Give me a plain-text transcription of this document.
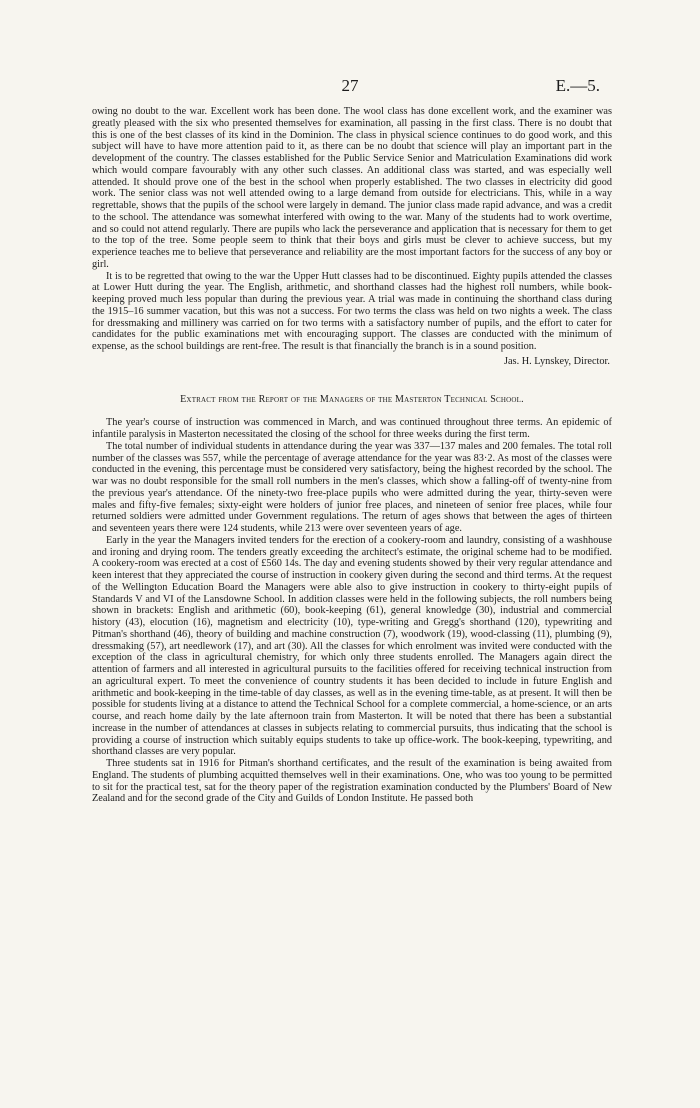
27	E.—5.

owing no doubt to the war. Excellent work has been done. The wool class has done excellent work, and the examiner was greatly pleased with the six who presented themselves for examination, all passing in the first class. There is no doubt that this is one of the best classes of its kind in the Dominion. The class in physical science continues to do good work, and this subject will have to have more attention paid to it, as there can be no doubt that science will play an important part in the development of the country. The classes established for the Public Service Senior and Matriculation Examinations did work which would compare favourably with any other such classes. An additional class was started, and was especially well attended. It should prove one of the best in the school when properly established. The two classes in electricity did good work. The senior class was not well attended owing to a large demand from outside for electricians. This, while in a way regrettable, shows that the pupils of the school were largely in demand. The junior class made rapid advance, and was a credit to the school. The attendance was somewhat interfered with owing to the war. Many of the students had to work overtime, and so could not attend regularly. There are pupils who lack the perseverance and application that is necessary for them to get to the top of the tree. Some people seem to think that their boys and girls must be clever to achieve success, but my experience teaches me to believe that perseverance and reliability are the most important factors for the success of any boy or girl.

It is to be regretted that owing to the war the Upper Hutt classes had to be discontinued. Eighty pupils attended the classes at Lower Hutt during the year. The English, arithmetic, and shorthand classes had the highest roll numbers, while book-keeping proved much less popular than during the previous year. A trial was made in continuing the shorthand class during the 1915–16 summer vacation, but this was not a success. For two terms the class was held on two nights a week. The class for dressmaking and millinery was carried on for two terms with a satisfactory number of pupils, and the effort to cater for candidates for the public examinations met with encouraging support. The classes are conducted with the minimum of expense, as the school buildings are rent-free. The result is that financially the branch is in a sound position.

Jas. H. Lynskey, Director.
Extract from the Report of the Managers of the Masterton Technical School.

The year's course of instruction was commenced in March, and was continued throughout three terms. An epidemic of infantile paralysis in Masterton necessitated the closing of the school for three weeks during the first term.

The total number of individual students in attendance during the year was 337—137 males and 200 females. The total roll number of the classes was 557, while the percentage of average attendance for the year was 83·2. As most of the classes were conducted in the evening, this percentage must be considered very satisfactory, being the highest recorded by the school. The war was no doubt responsible for the small roll numbers in the men's classes, which show a falling-off of twenty-nine from the previous year's attendance. Of the ninety-two free-place pupils who were admitted during the year, thirty-seven were males and fifty-five females; sixty-eight were holders of junior free places, and nineteen of senior free places, while four returned soldiers were admitted under Government regulations. The return of ages shows that between the ages of thirteen and seventeen years there were 124 students, while 213 were over seventeen years of age.

Early in the year the Managers invited tenders for the erection of a cookery-room and laundry, consisting of a washhouse and ironing and drying room. The tenders greatly exceeding the architect's estimate, the original scheme had to be modified. A cookery-room was erected at a cost of £560 14s. The day and evening students showed by their very regular attendance and keen interest that they appreciated the course of instruction in cookery given during the second and third terms. At the request of the Wellington Education Board the Managers were able also to give instruction in cookery to thirty-eight pupils of Standards V and VI of the Lansdowne School. In addition classes were held in the following subjects, the roll numbers being shown in brackets: English and arithmetic (60), book-keeping (61), general knowledge (30), industrial and commercial history (43), elocution (16), magnetism and electricity (10), type-writing and Gregg's shorthand (120), typewriting and Pitman's shorthand (46), theory of building and machine construction (7), woodwork (19), wood-classing (11), plumbing (9), dressmaking (57), art needlework (17), and art (30). All the classes for which enrolment was invited were conducted with the exception of the class in agricultural chemistry, for which only three students enrolled. The Managers again direct the attention of farmers and all interested in agricultural pursuits to the facilities offered for receiving technical instruction from an agricultural expert. To meet the convenience of country students it has been decided to include in future English and arithmetic and book-keeping in the time-table of day classes, as well as in the evening time-table, as at present. It will then be possible for students living at a distance to attend the Technical School for a complete commercial, a home-science, or an arts course, and reach home daily by the late afternoon train from Masterton. It will be noted that there has been a substantial increase in the number of attendances at classes in subjects relating to commercial pursuits, thus indicating that the school is providing a course of instruction which suitably equips students to take up office-work. The book-keeping, typewriting, and shorthand classes are very popular.

Three students sat in 1916 for Pitman's shorthand certificates, and the result of the examination is being awaited from England. The students of plumbing acquitted themselves well in their examinations. One, who was too young to be permitted to sit for the practical test, sat for the theory paper of the registration examination conducted by the Plumbers' Board of New Zealand and for the second grade of the City and Guilds of London Institute. He passed both
